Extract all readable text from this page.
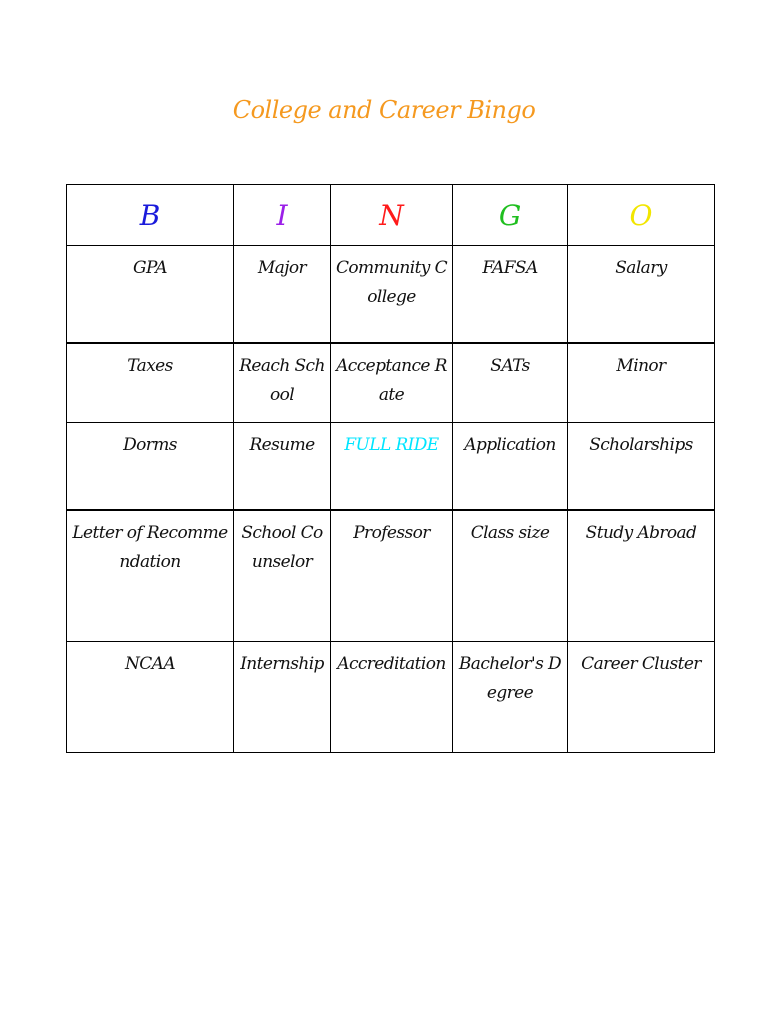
College and Career Bingo
B	I	N	G	O
GPA	Major	Community College	FAFSA	Salary
Taxes	Reach School	Acceptance Rate	SATs	Minor
Dorms	Resume	FULL RIDE	Application	Scholarships
Letter of Recommendation	School Counselor	Professor	Class size	Study Abroad
NCAA	Internship	Accreditation	Bachelor's Degree	Career Cluster
